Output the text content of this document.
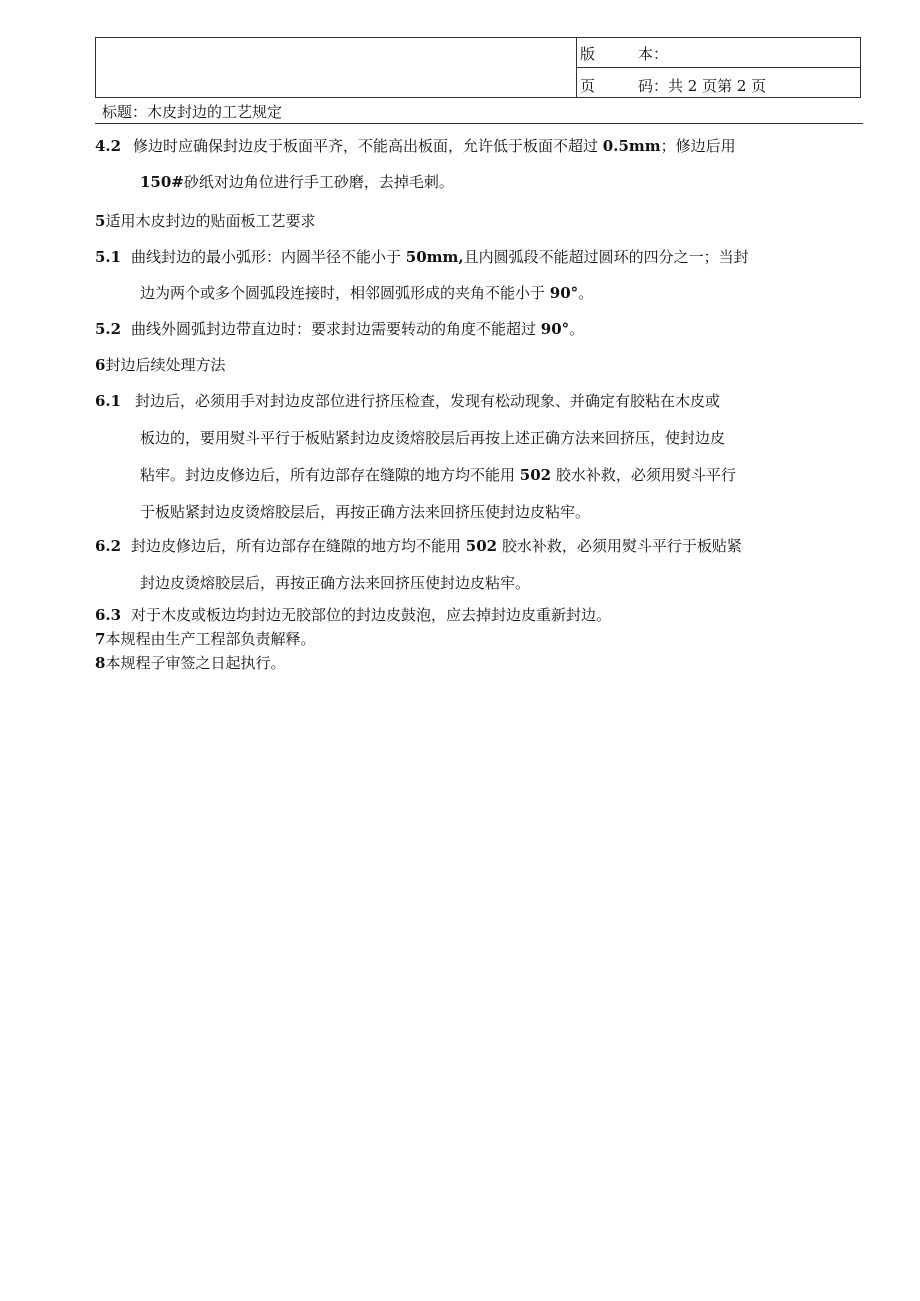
版	本：
页	码：共 2 页第 2 页
标题：木皮封边的工艺规定
4.2 修边时应确保封边皮于板面平齐，不能高出板面，允许低于板面不超过 0.5mm；修边后用
150#砂纸对边角位进行手工砂磨，去掉毛刺。
5适用木皮封边的贴面板工艺要求
5.1 曲线封边的最小弧形：内圆半径不能小于 50mm,且内圆弧段不能超过圆环的四分之一；当封
边为两个或多个圆弧段连接时，相邻圆弧形成的夹角不能小于 90°。
5.2 曲线外圆弧封边带直边时：要求封边需要转动的角度不能超过 90°。
6封边后续处理方法
6.1 封边后，必须用手对封边皮部位进行挤压检查，发现有松动现象、并确定有胶粘在木皮或
板边的，要用熨斗平行于板贴紧封边皮烫熔胶层后再按上述正确方法来回挤压，使封边皮
粘牢。封边皮修边后，所有边部存在缝隙的地方均不能用 502 胶水补救，必须用熨斗平行
于板贴紧封边皮烫熔胶层后，再按正确方法来回挤压使封边皮粘牢。
6.2 封边皮修边后，所有边部存在缝隙的地方均不能用 502 胶水补救，必须用熨斗平行于板贴紧
封边皮烫熔胶层后，再按正确方法来回挤压使封边皮粘牢。
6.3 对于木皮或板边均封边无胶部位的封边皮鼓泡，应去掉封边皮重新封边。
7本规程由生产工程部负责解释。
8本规程子审签之日起执行。
